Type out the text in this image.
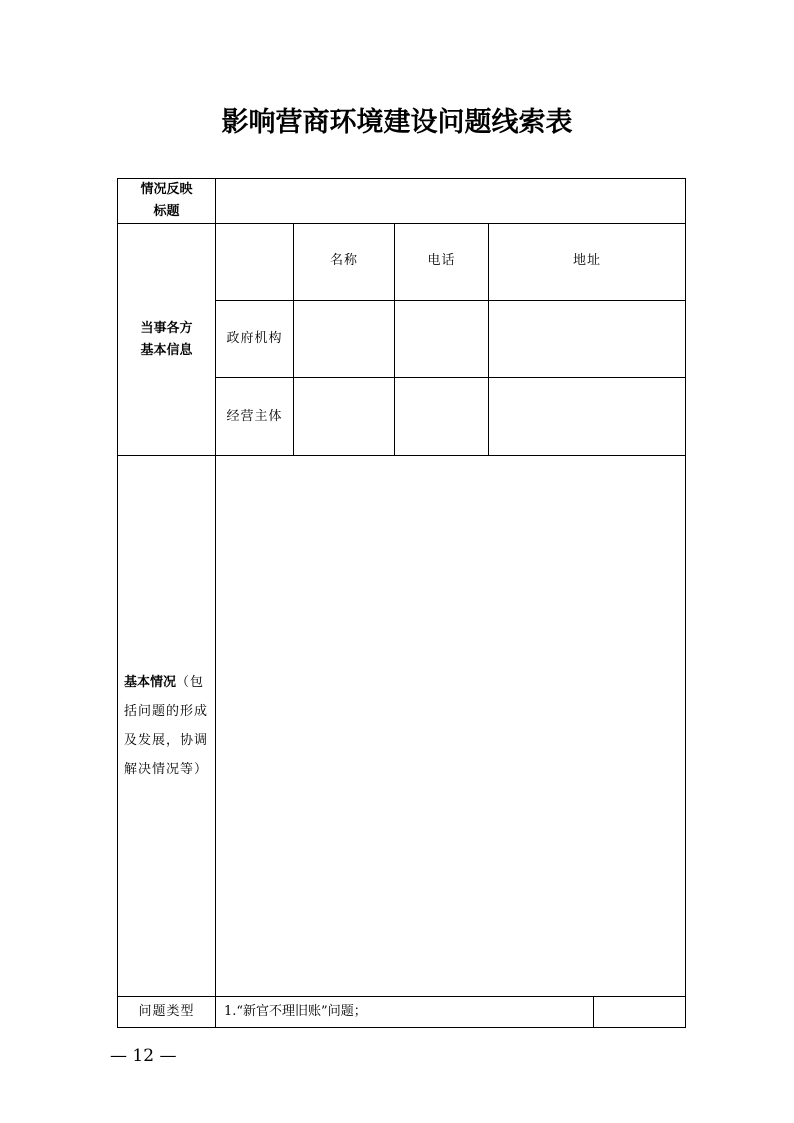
影响营商环境建设问题线索表
情况反映
标题					

当事各方
基本信息		名称	电话	地址	
	政府机构				
	经营主体				

基本情况（包括问题的形成及发展，协调解决情况等）					

问题类型	1.“新官不理旧账”问题；				
— 12 —
